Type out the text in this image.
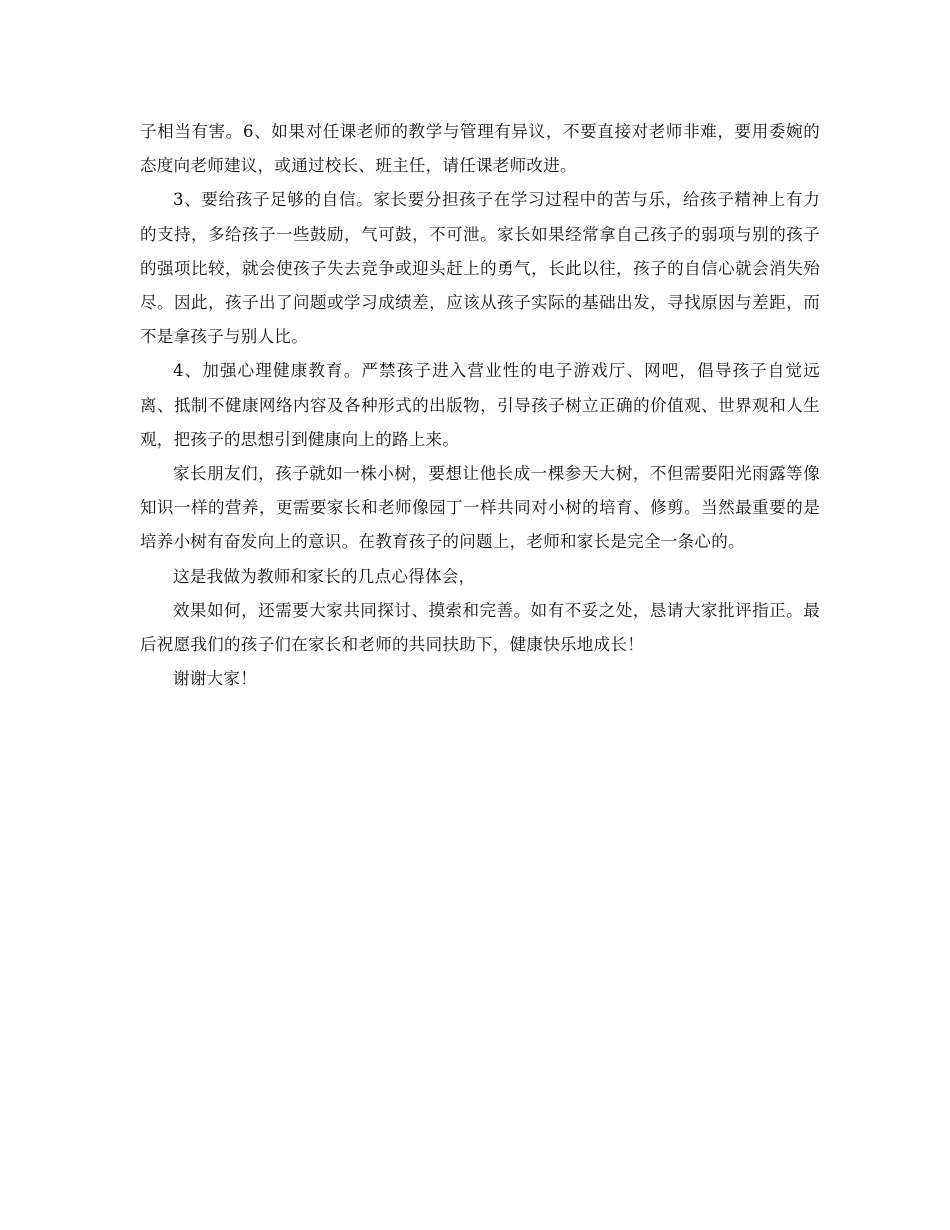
子相当有害。6、如果对任课老师的教学与管理有异议，不要直接对老师非难，要用委婉的态度向老师建议，或通过校长、班主任，请任课老师改进。

3、要给孩子足够的自信。家长要分担孩子在学习过程中的苦与乐，给孩子精神上有力的支持，多给孩子一些鼓励，气可鼓，不可泄。家长如果经常拿自己孩子的弱项与别的孩子的强项比较，就会使孩子失去竞争或迎头赶上的勇气，长此以往，孩子的自信心就会消失殆尽。因此，孩子出了问题或学习成绩差，应该从孩子实际的基础出发，寻找原因与差距，而不是拿孩子与别人比。

4、加强心理健康教育。严禁孩子进入营业性的电子游戏厅、网吧，倡导孩子自觉远离、抵制不健康网络内容及各种形式的出版物，引导孩子树立正确的价值观、世界观和人生观，把孩子的思想引到健康向上的路上来。

家长朋友们，孩子就如一株小树，要想让他长成一棵参天大树，不但需要阳光雨露等像知识一样的营养，更需要家长和老师像园丁一样共同对小树的培育、修剪。当然最重要的是培养小树有奋发向上的意识。在教育孩子的问题上，老师和家长是完全一条心的。

这是我做为教师和家长的几点心得体会，

效果如何，还需要大家共同探讨、摸索和完善。如有不妥之处，恳请大家批评指正。最后祝愿我们的孩子们在家长和老师的共同扶助下，健康快乐地成长！

谢谢大家！
